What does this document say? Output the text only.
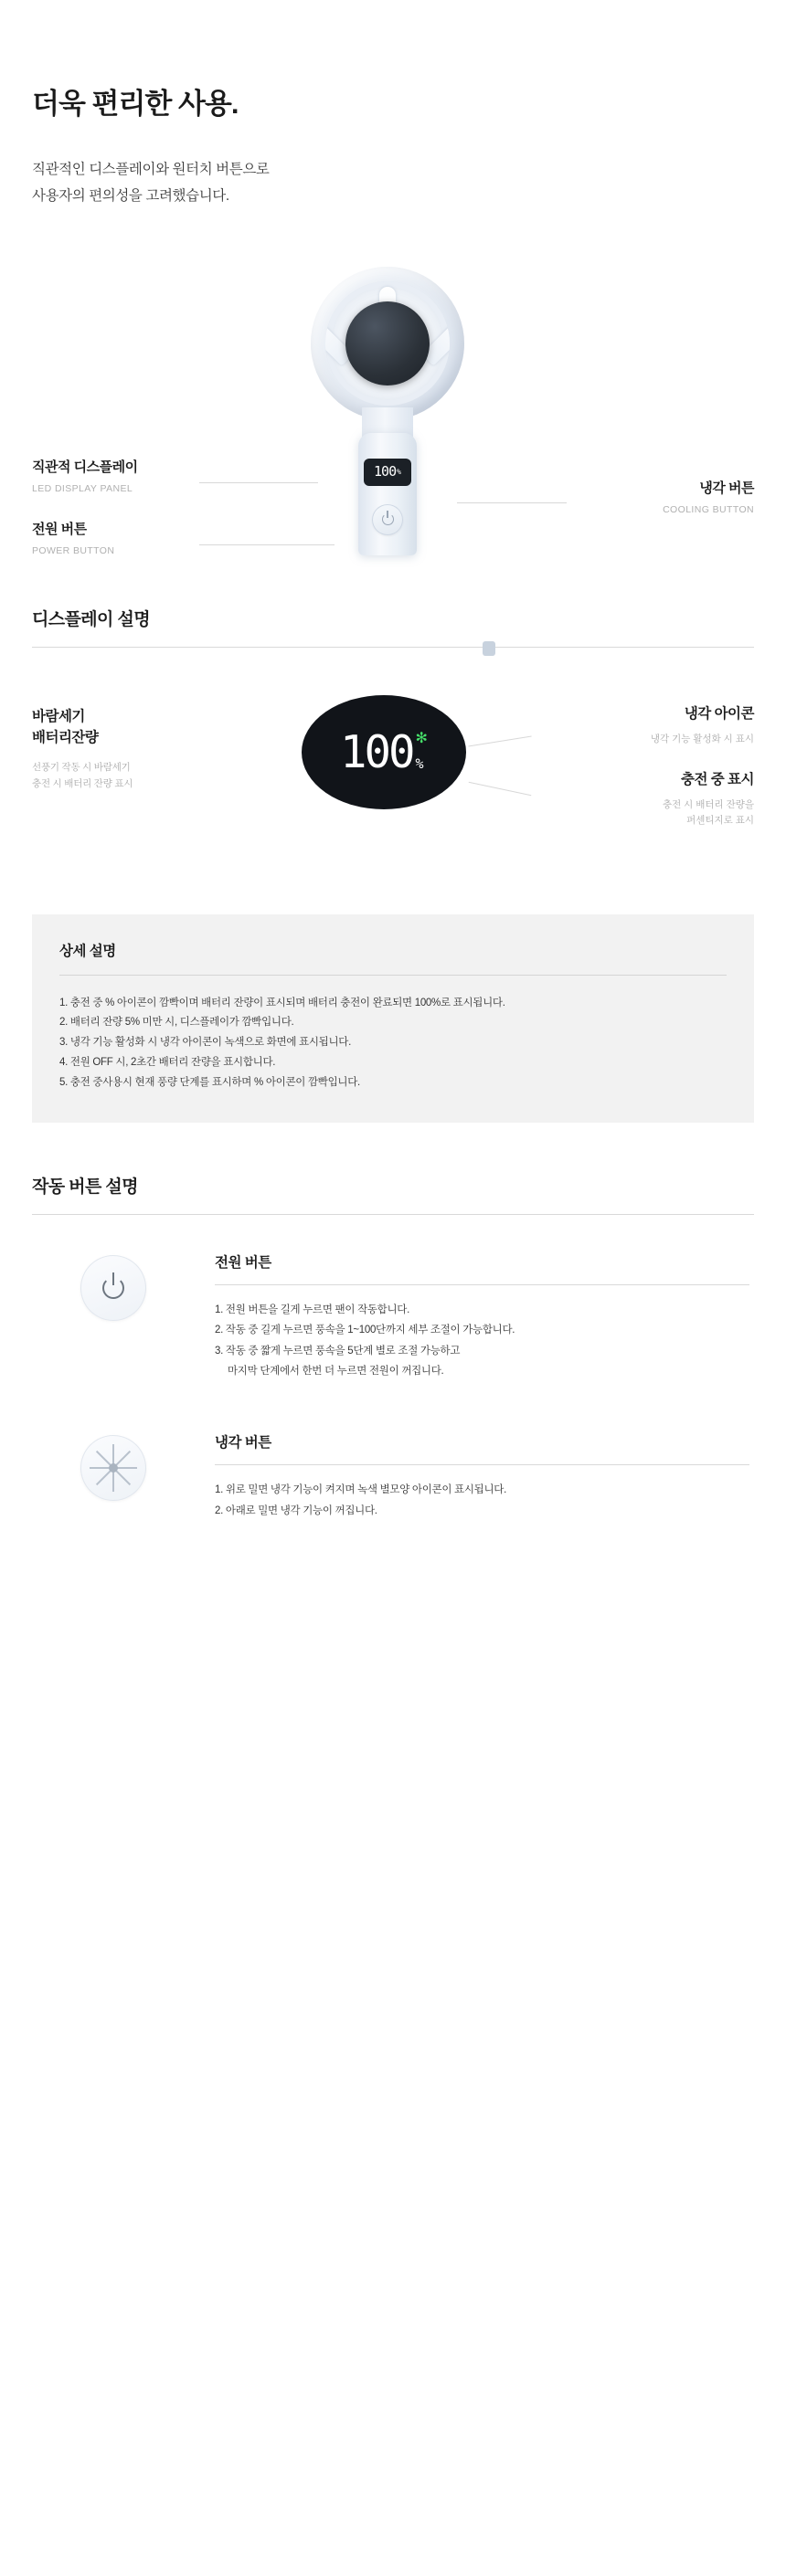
더욱 편리한 사용.

직관적인 디스플레이와 원터치 버튼으로
사용자의 편의성을 고려했습니다.

100 %
직관적 디스플레이
LED DISPLAY PANEL
전원 버튼
POWER BUTTON
냉각 버튼
COOLING BUTTON
디스플레이 설명
바람세기
배터리잔량
선풍기 작동 시 바람세기
충전 시 배터리 잔량 표시
100 ✻
%
냉각 아이콘
냉각 기능 활성화 시 표시
충전 중 표시
충전 시 배터리 잔량을
퍼센티지로 표시
상세 설명
1. 충전 중 % 아이콘이 깜빡이며 배터리 잔량이 표시되며 배터리 충전이 완료되면 100%로 표시됩니다.
2. 배터리 잔량 5% 미만 시, 디스플레이가 깜빡입니다.
3. 냉각 기능 활성화 시 냉각 아이콘이 녹색으로 화면에 표시됩니다.
4. 전원 OFF 시, 2초간 배터리 잔량을 표시합니다.
5. 충전 중사용시 현재 풍량 단계를 표시하며 % 아이콘이 깜빡입니다.
작동 버튼 설명
전원 버튼
1. 전원 버튼을 길게 누르면 팬이 작동합니다.
2. 작동 중 길게 누르면 풍속을 1~100단까지 세부 조절이 가능합니다.
3. 작동 중 짧게 누르면 풍속을 5단계 별로 조절 가능하고
마지막 단계에서 한번 더 누르면 전원이 꺼집니다.
냉각 버튼
1. 위로 밀면 냉각 기능이 켜지며 녹색 별모양 아이콘이 표시됩니다.
2. 아래로 밀면 냉각 기능이 꺼집니다.
